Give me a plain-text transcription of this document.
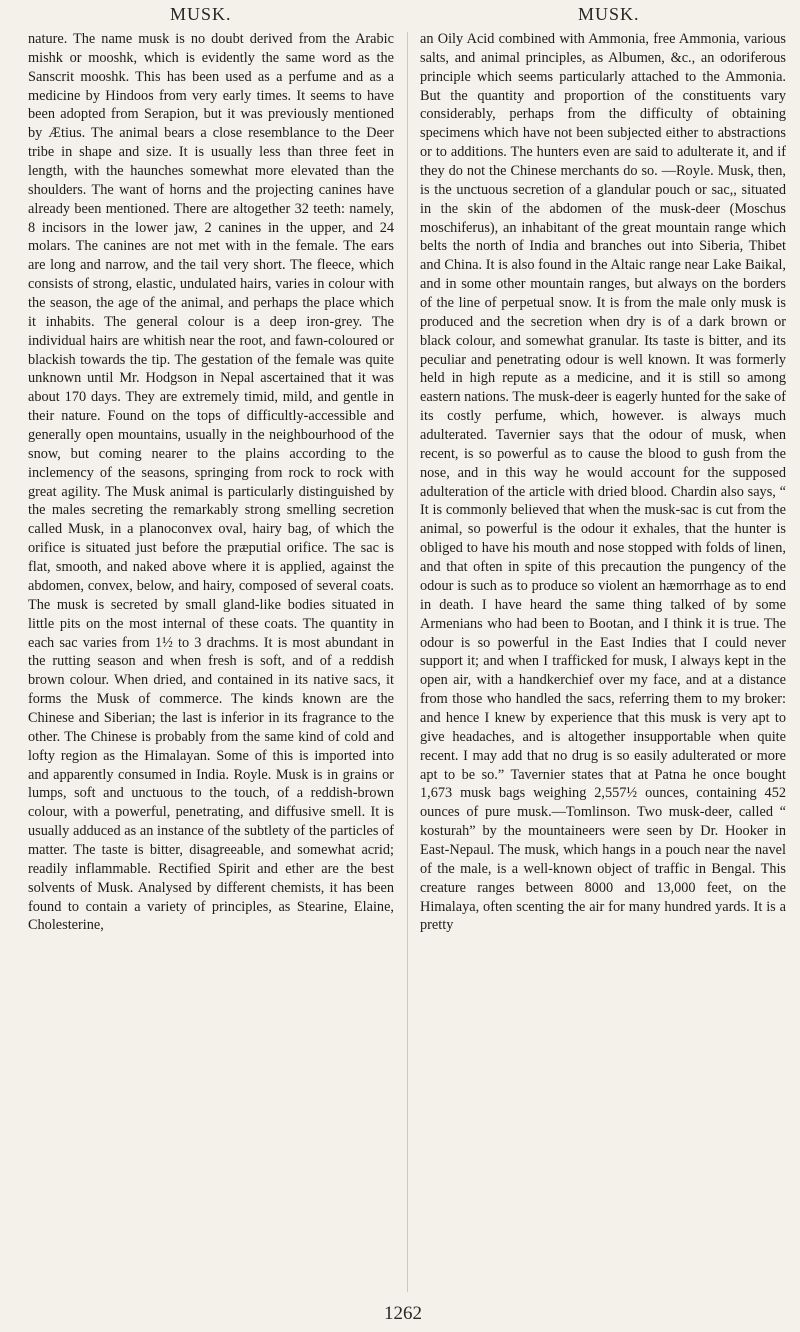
MUSK.	MUSK.

nature. The name musk is no doubt derived from the Arabic mishk or mooshk, which is evidently the same word as the Sanscrit mooshk. This has been used as a perfume and as a medicine by Hindoos from very early times. It seems to have been adopted from Serapion, but it was previously mentioned by Ætius. The animal bears a close resemblance to the Deer tribe in shape and size. It is usually less than three feet in length, with the haunches somewhat more elevated than the shoulders. The want of horns and the projecting canines have already been mentioned. There are altogether 32 teeth: namely, 8 incisors in the lower jaw, 2 canines in the upper, and 24 molars. The canines are not met with in the female. The ears are long and narrow, and the tail very short. The fleece, which consists of strong, elastic, undulated hairs, varies in colour with the season, the age of the animal, and perhaps the place which it inhabits. The general colour is a deep iron-grey. The individual hairs are whitish near the root, and fawn-coloured or blackish towards the tip. The gestation of the female was quite unknown until Mr. Hodgson in Nepal ascertained that it was about 170 days. They are extremely timid, mild, and gentle in their nature. Found on the tops of difficultly-accessible and generally open mountains, usually in the neighbourhood of the snow, but coming nearer to the plains according to the inclemency of the seasons, springing from rock to rock with great agility. The Musk animal is particularly distinguished by the males secreting the remarkably strong smelling secretion called Musk, in a planoconvex oval, hairy bag, of which the orifice is situated just before the præputial orifice. The sac is flat, smooth, and naked above where it is applied, against the abdomen, convex, below, and hairy, composed of several coats. The musk is secreted by small gland-like bodies situated in little pits on the most internal of these coats. The quantity in each sac varies from 1½ to 3 drachms. It is most abundant in the rutting season and when fresh is soft, and of a reddish brown colour. When dried, and contained in its native sacs, it forms the Musk of commerce. The kinds known are the Chinese and Siberian; the last is inferior in its fragrance to the other. The Chinese is probably from the same kind of cold and lofty region as the Himalayan. Some of this is imported into and apparently consumed in India. Royle. Musk is in grains or lumps, soft and unctuous to the touch, of a reddish-brown colour, with a powerful, penetrating, and diffusive smell. It is usually adduced as an instance of the subtlety of the particles of matter. The taste is bitter, disagreeable, and somewhat acrid; readily inflammable. Rectified Spirit and ether are the best solvents of Musk. Analysed by different chemists, it has been found to contain a variety of principles, as Stearine, Elaine, Cholesterine,

an Oily Acid combined with Ammonia, free Ammonia, various salts, and animal principles, as Albumen, &c., an odoriferous principle which seems particularly attached to the Ammonia. But the quantity and proportion of the constituents vary considerably, perhaps from the difficulty of obtaining specimens which have not been subjected either to abstractions or to additions. The hunters even are said to adulterate it, and if they do not the Chinese merchants do so. —Royle. Musk, then, is the unctuous secretion of a glandular pouch or sac,, situated in the skin of the abdomen of the musk-deer (Moschus moschiferus), an inhabitant of the great mountain range which belts the north of India and branches out into Siberia, Thibet and China. It is also found in the Altaic range near Lake Baikal, and in some other mountain ranges, but always on the borders of the line of perpetual snow. It is from the male only musk is produced and the secretion when dry is of a dark brown or black colour, and somewhat granular. Its taste is bitter, and its peculiar and penetrating odour is well known. It was formerly held in high repute as a medicine, and it is still so among eastern nations. The musk-deer is eagerly hunted for the sake of its costly perfume, which, however. is always much adulterated. Tavernier says that the odour of musk, when recent, is so powerful as to cause the blood to gush from the nose, and in this way he would account for the supposed adulteration of the article with dried blood. Chardin also says, “ It is commonly believed that when the musk-sac is cut from the animal, so powerful is the odour it exhales, that the hunter is obliged to have his mouth and nose stopped with folds of linen, and that often in spite of this precaution the pungency of the odour is such as to produce so violent an hæmorrhage as to end in death. I have heard the same thing talked of by some Armenians who had been to Bootan, and I think it is true. The odour is so powerful in the East Indies that I could never support it; and when I trafficked for musk, I always kept in the open air, with a handkerchief over my face, and at a distance from those who handled the sacs, referring them to my broker: and hence I knew by experience that this musk is very apt to give headaches, and is altogether insupportable when quite recent. I may add that no drug is so easily adulterated or more apt to be so.” Tavernier states that at Patna he once bought 1,673 musk bags weighing 2,557½ ounces, containing 452 ounces of pure musk.—Tomlinson. Two musk-deer, called “ kosturah” by the mountaineers were seen by Dr. Hooker in East-Nepaul. The musk, which hangs in a pouch near the navel of the male, is a well-known object of traffic in Bengal. This creature ranges between 8000 and 13,000 feet, on the Himalaya, often scenting the air for many hundred yards. It is a pretty

1262
